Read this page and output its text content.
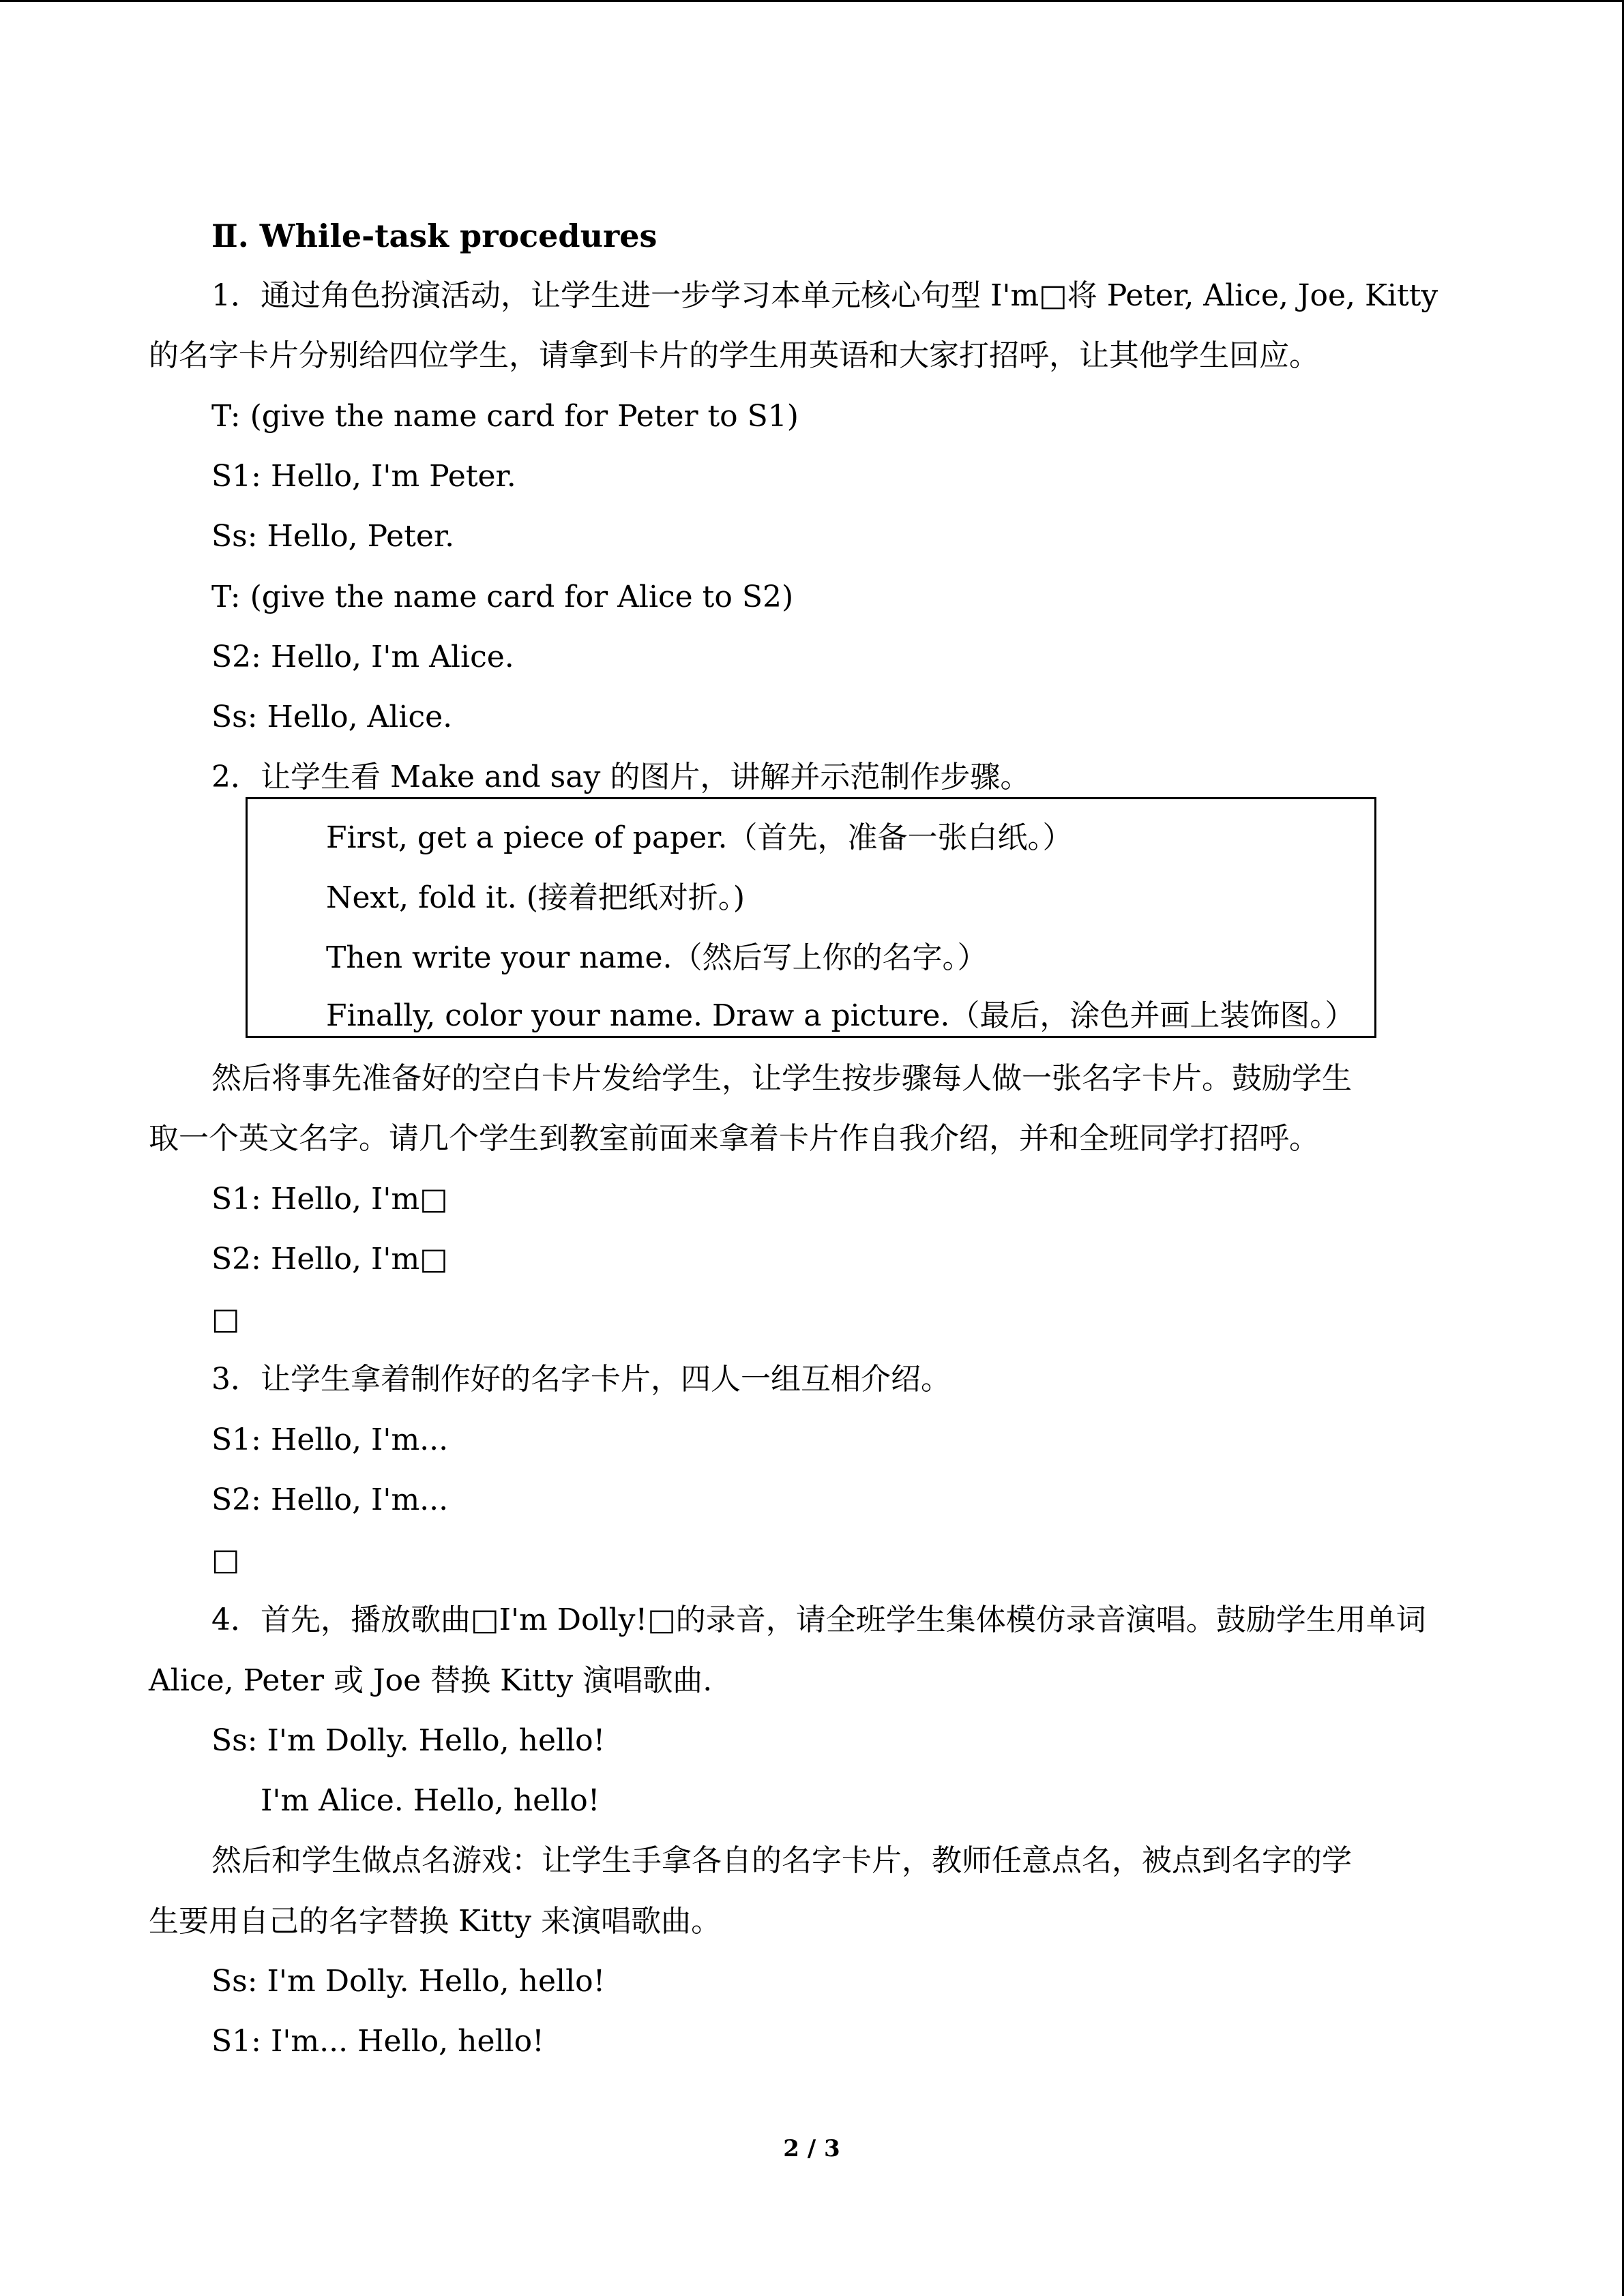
Ⅱ. While-task procedures
1．通过角色扮演活动，让学生进一步学习本单元核心句型 I'm□将 Peter, Alice, Joe, Kitty
的名字卡片分别给四位学生，请拿到卡片的学生用英语和大家打招呼，让其他学生回应。
T: (give the name card for Peter to S1)
S1: Hello, I'm Peter.
Ss: Hello, Peter.
T: (give the name card for Alice to S2)
S2: Hello, I'm Alice.
Ss: Hello, Alice.
2．让学生看 Make and say 的图片，讲解并示范制作步骤。
First, get a piece of paper.（首先，准备一张白纸。）
Next, fold it. (接着把纸对折。)
Then write your name.（然后写上你的名字。）
Finally, color your name. Draw a picture.（最后，涂色并画上装饰图。）
然后将事先准备好的空白卡片发给学生，让学生按步骤每人做一张名字卡片。鼓励学生
取一个英文名字。请几个学生到教室前面来拿着卡片作自我介绍，并和全班同学打招呼。
S1: Hello, I'm□
S2: Hello, I'm□
□
3．让学生拿着制作好的名字卡片，四人一组互相介绍。
S1: Hello, I'm...
S2: Hello, I'm...
□
4．首先，播放歌曲□I'm Dolly!□的录音，请全班学生集体模仿录音演唱。鼓励学生用单词
Alice, Peter 或 Joe 替换 Kitty 演唱歌曲.
Ss: I'm Dolly. Hello, hello!
I'm Alice. Hello, hello!
然后和学生做点名游戏：让学生手拿各自的名字卡片，教师任意点名，被点到名字的学
生要用自己的名字替换 Kitty 来演唱歌曲。
Ss: I'm Dolly. Hello, hello!
S1: I'm... Hello, hello!
2 / 3
